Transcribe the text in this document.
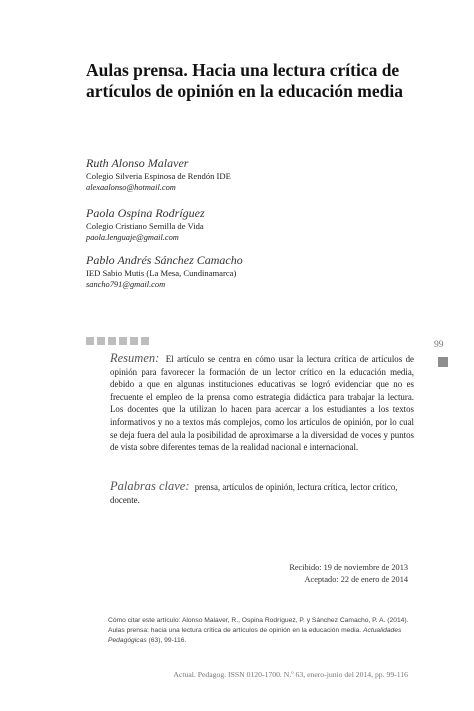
Aulas prensa. Hacia una lectura crítica de artículos de opinión en la educación media
Ruth Alonso Malaver
Colegio Silveria Espinosa de Rendón IDE
alexaalonso@hotmail.com
Paola Ospina Rodríguez
Colegio Cristiano Semilla de Vida
paola.lenguaje@gmail.com
Pablo Andrés Sánchez Camacho
IED Sabio Mutis (La Mesa, Cundinamarca)
sancho791@gmail.com
99
Resumen: El artículo se centra en cómo usar la lectura crítica de artículos de opinión para favorecer la formación de un lector crítico en la educación media, debido a que en algunas instituciones educativas se logró evidenciar que no es frecuente el empleo de la prensa como estrategia didáctica para trabajar la lectura. Los docentes que la utilizan lo hacen para acercar a los estudiantes a los textos informativos y no a textos más complejos, como los artículos de opinión, por lo cual se deja fuera del aula la posibilidad de aproximarse a la diversidad de voces y puntos de vista sobre diferentes temas de la realidad nacional e internacional.
Palabras clave: prensa, artículos de opinión, lectura crítica, lector crítico, docente.
Recibido: 19 de noviembre de 2013
Aceptado: 22 de enero de 2014
Cómo citar este artículo: Alonso Malaver, R., Ospina Rodríguez, P. y Sánchez Camacho, P. A. (2014). Aulas prensa: hacia una lectura crítica de artículos de opinión en la educación media. Actualidades Pedagógicas (63), 99-116.
Actual. Pedagog. ISSN 0120-1700. N.º 63, enero-junio del 2014, pp. 99-116
